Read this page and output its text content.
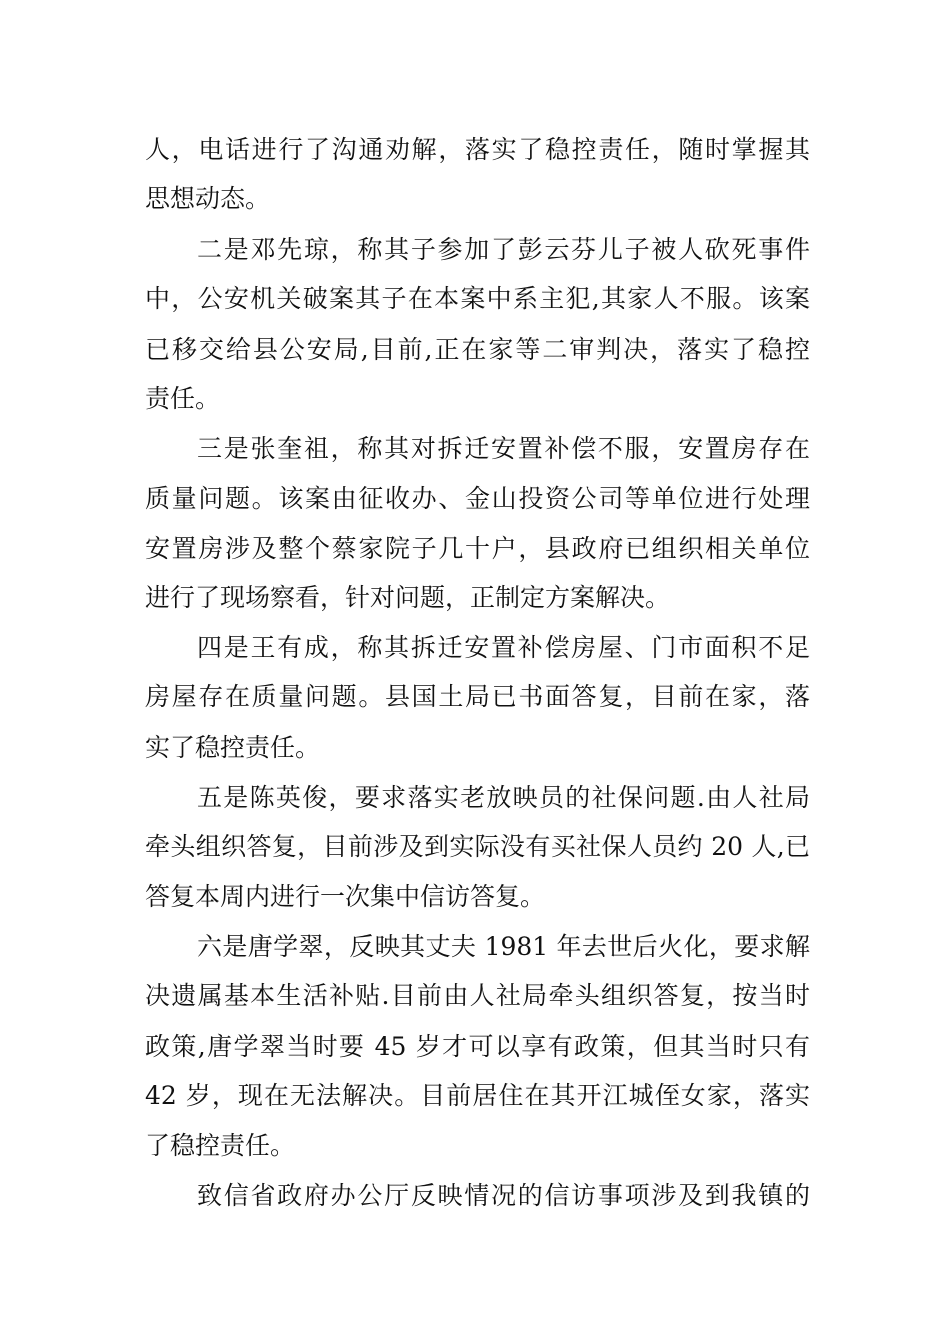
人，电话进行了沟通劝解，落实了稳控责任，随时掌握其
思想动态。
二是邓先琼，称其子参加了彭云芬儿子被人砍死事件
中，公安机关破案其子在本案中系主犯,其家人不服。该案
已移交给县公安局,目前,正在家等二审判决，落实了稳控
责任。
三是张奎祖，称其对拆迁安置补偿不服，安置房存在
质量问题。该案由征收办、金山投资公司等单位进行处理
安置房涉及整个蔡家院子几十户，县政府已组织相关单位
进行了现场察看，针对问题，正制定方案解决。
四是王有成，称其拆迁安置补偿房屋、门市面积不足
房屋存在质量问题。县国土局已书面答复，目前在家，落
实了稳控责任。
五是陈英俊，要求落实老放映员的社保问题.由人社局
牵头组织答复，目前涉及到实际没有买社保人员约 20 人,已
答复本周内进行一次集中信访答复。
六是唐学翠，反映其丈夫 1981 年去世后火化，要求解
决遗属基本生活补贴.目前由人社局牵头组织答复，按当时
政策,唐学翠当时要 45 岁才可以享有政策，但其当时只有
42 岁，现在无法解决。目前居住在其开江城侄女家，落实
了稳控责任。
致信省政府办公厅反映情况的信访事项涉及到我镇的
